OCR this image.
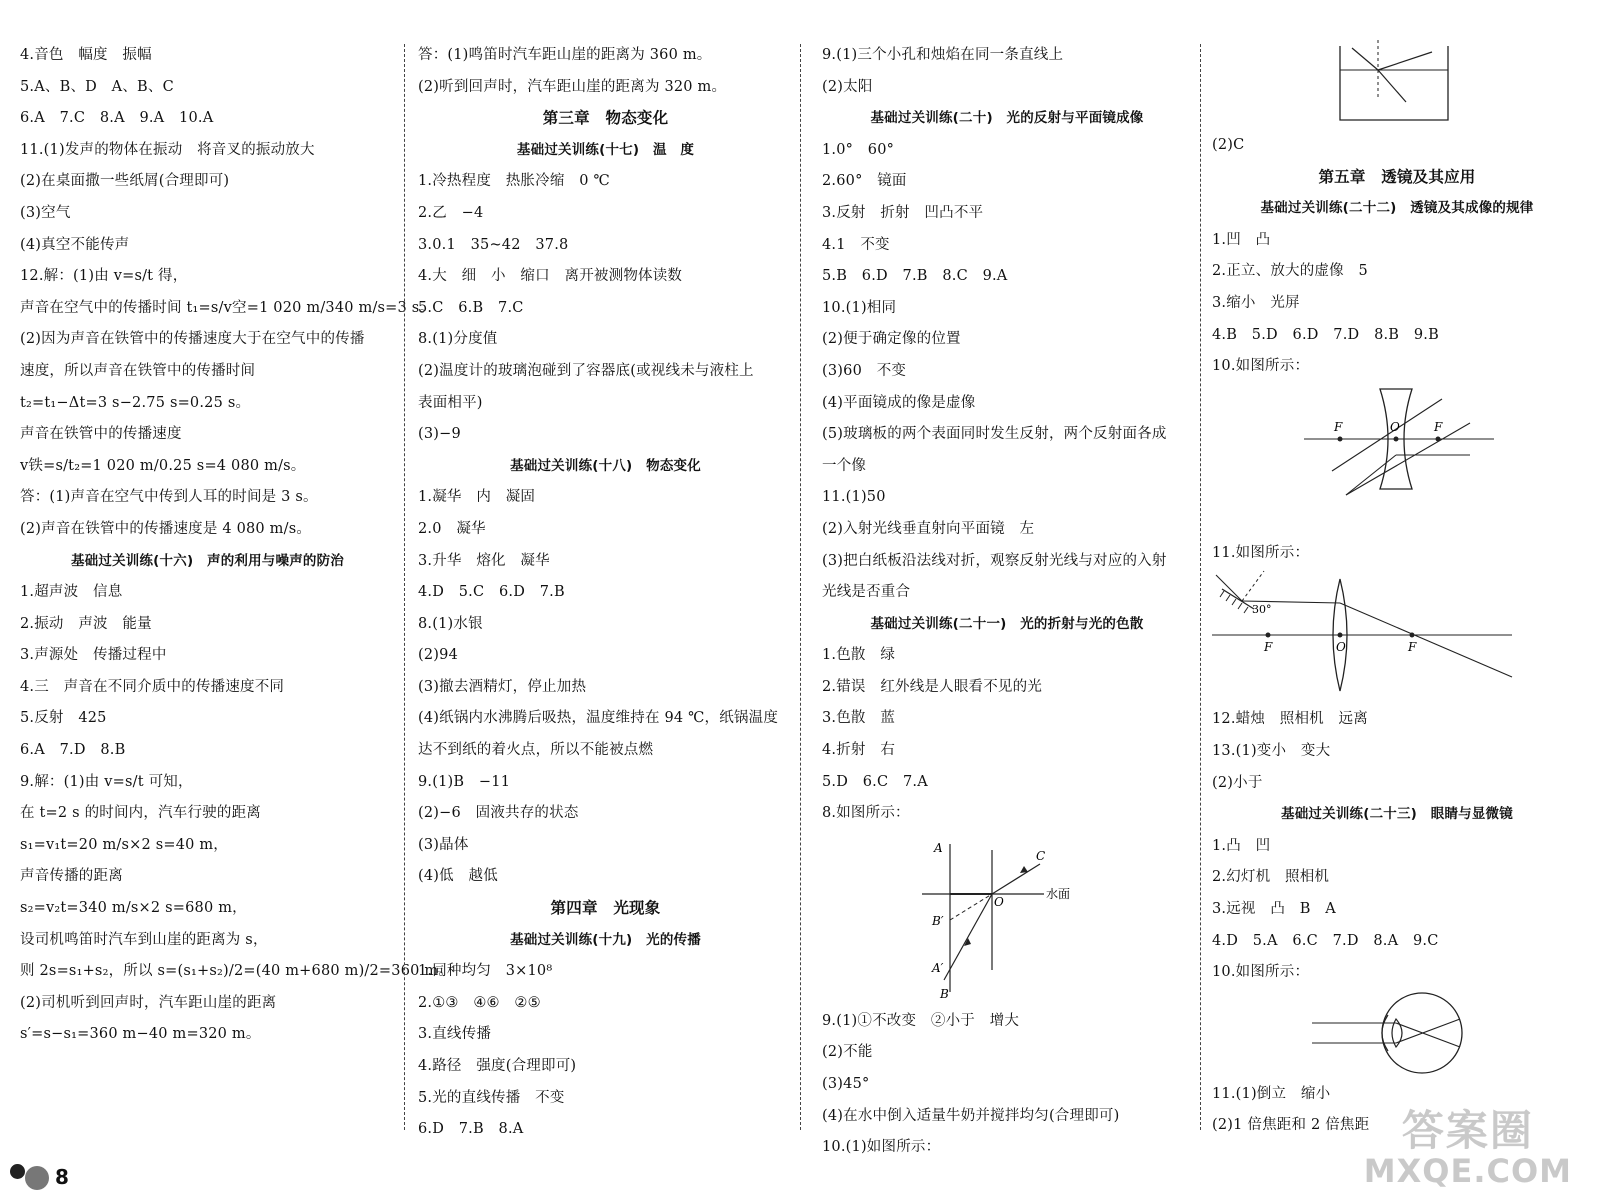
4.音色　幅度　振幅
5.A、B、D　A、B、C
6.A　7.C　8.A　9.A　10.A
11.(1)发声的物体在振动　将音叉的振动放大
(2)在桌面撒一些纸屑(合理即可)
(3)空气
(4)真空不能传声
12.解：(1)由 v=s/t 得，
声音在空气中的传播时间 t₁=s/v空=1 020 m/340 m/s=3 s。
(2)因为声音在铁管中的传播速度大于在空气中的传播
速度，所以声音在铁管中的传播时间
t₂=t₁−Δt=3 s−2.75 s=0.25 s。
声音在铁管中的传播速度
v铁=s/t₂=1 020 m/0.25 s=4 080 m/s。
答：(1)声音在空气中传到人耳的时间是 3 s。
(2)声音在铁管中的传播速度是 4 080 m/s。
基础过关训练(十六)　声的利用与噪声的防治
1.超声波　信息
2.振动　声波　能量
3.声源处　传播过程中
4.三　声音在不同介质中的传播速度不同
5.反射　425
6.A　7.D　8.B
9.解：(1)由 v=s/t 可知，
在 t=2 s 的时间内，汽车行驶的距离
s₁=v₁t=20 m/s×2 s=40 m，
声音传播的距离
s₂=v₂t=340 m/s×2 s=680 m，
设司机鸣笛时汽车到山崖的距离为 s，
则 2s=s₁+s₂，所以 s=(s₁+s₂)/2=(40 m+680 m)/2=360 m。
(2)司机听到回声时，汽车距山崖的距离
s′=s−s₁=360 m−40 m=320 m。
答：(1)鸣笛时汽车距山崖的距离为 360 m。
(2)听到回声时，汽车距山崖的距离为 320 m。
第三章　物态变化
基础过关训练(十七)　温　度
1.冷热程度　热胀冷缩　0 ℃
2.乙　−4
3.0.1　35~42　37.8
4.大　细　小　缩口　离开被测物体读数
5.C　6.B　7.C
8.(1)分度值
(2)温度计的玻璃泡碰到了容器底(或视线未与液柱上
表面相平)
(3)−9
基础过关训练(十八)　物态变化
1.凝华　内　凝固
2.0　凝华
3.升华　熔化　凝华
4.D　5.C　6.D　7.B
8.(1)水银
(2)94
(3)撤去酒精灯，停止加热
(4)纸锅内水沸腾后吸热，温度维持在 94 ℃，纸锅温度
达不到纸的着火点，所以不能被点燃
9.(1)B　−11
(2)−6　固液共存的状态
(3)晶体
(4)低　越低
第四章　光现象
基础过关训练(十九)　光的传播
1.同种均匀　3×10⁸
2.①③　④⑥　②⑤
3.直线传播
4.路径　强度(合理即可)
5.光的直线传播　不变
6.D　7.B　8.A
9.(1)三个小孔和烛焰在同一条直线上
(2)太阳
基础过关训练(二十)　光的反射与平面镜成像
1.0°　60°
2.60°　镜面
3.反射　折射　凹凸不平
4.1　不变
5.B　6.D　7.B　8.C　9.A
10.(1)相同
(2)便于确定像的位置
(3)60　不变
(4)平面镜成的像是虚像
(5)玻璃板的两个表面同时发生反射，两个反射面各成
一个像
11.(1)50
(2)入射光线垂直射向平面镜　左
(3)把白纸板沿法线对折，观察反射光线与对应的入射
光线是否重合
基础过关训练(二十一)　光的折射与光的色散
1.色散　绿
2.错误　红外线是人眼看不见的光
3.色散　蓝
4.折射　右
5.D　6.C　7.A
8.如图所示：
A
B′
A′
B
C
O
水面
9.(1)①不改变　②小于　增大
(2)不能
(3)45°
(4)在水中倒入适量牛奶并搅拌均匀(合理即可)
10.(1)如图所示：
(2)C
第五章　透镜及其应用
基础过关训练(二十二)　透镜及其成像的规律
1.凹　凸
2.正立、放大的虚像　5
3.缩小　光屏
4.B　5.D　6.D　7.D　8.B　9.B
10.如图所示：
F	O	F
11.如图所示：
30°
F	O	F
12.蜡烛　照相机　远离
13.(1)变小　变大
(2)小于
基础过关训练(二十三)　眼睛与显微镜
1.凸　凹
2.幻灯机　照相机
3.远视　凸　B　A
4.D　5.A　6.C　7.D　8.A　9.C
10.如图所示：
11.(1)倒立　缩小
(2)1 倍焦距和 2 倍焦距
8
答案圈
MXQE.COM
